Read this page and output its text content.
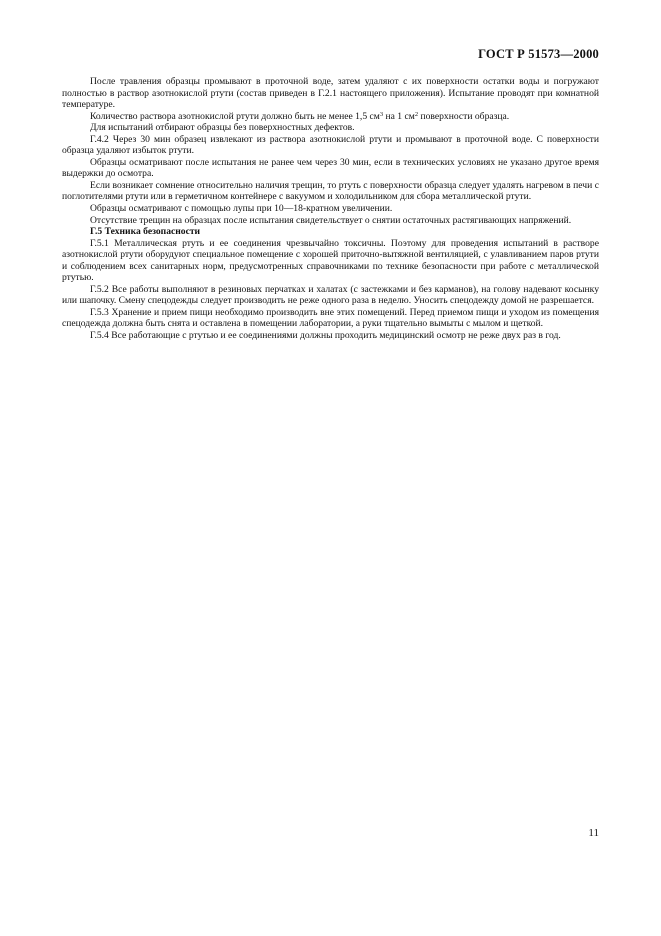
ГОСТ Р 51573—2000

После травления образцы промывают в проточной воде, затем удаляют с их поверхности остатки воды и погружают полностью в раствор азотнокислой ртути (состав приведен в Г.2.1 настоящего приложения). Испытание проводят при комнатной температуре.

Количество раствора азотнокислой ртути должно быть не менее 1,5 $см^3$ на 1 $см^2$ поверхности образца.

Для испытаний отбирают образцы без поверхностных дефектов.

Г.4.2 Через 30 мин образец извлекают из раствора азотнокислой ртути и промывают в проточной воде. С поверхности образца удаляют избыток ртути.

Образцы осматривают после испытания не ранее чем через 30 мин, если в технических условиях не указано другое время выдержки до осмотра.

Если возникает сомнение относительно наличия трещин, то ртуть с поверхности образца следует удалять нагревом в печи с поглотителями ртути или в герметичном контейнере с вакуумом и холодильником для сбора металлической ртути.

Образцы осматривают с помощью лупы при 10—18-кратном увеличении.

Отсутствие трещин на образцах после испытания свидетельствует о снятии остаточных растягивающих напряжений.

Г.5 Техника безопасности

Г.5.1 Металлическая ртуть и ее соединения чрезвычайно токсичны. Поэтому для проведения испытаний в растворе азотнокислой ртути оборудуют специальное помещение с хорошей приточно-вытяжной вентиляцией, с улавливанием паров ртути и соблюдением всех санитарных норм, предусмотренных справочниками по технике безопасности при работе с металлической ртутью.

Г.5.2 Все работы выполняют в резиновых перчатках и халатах (с застежками и без карманов), на голову надевают косынку или шапочку. Смену спецодежды следует производить не реже одного раза в неделю. Уносить спецодежду домой не разрешается.

Г.5.3 Хранение и прием пищи необходимо производить вне этих помещений. Перед приемом пищи и уходом из помещения спецодежда должна быть снята и оставлена в помещении лаборатории, а руки тщательно вымыты с мылом и щеткой.

Г.5.4 Все работающие с ртутью и ее соединениями должны проходить медицинский осмотр не реже двух раз в год.

11
